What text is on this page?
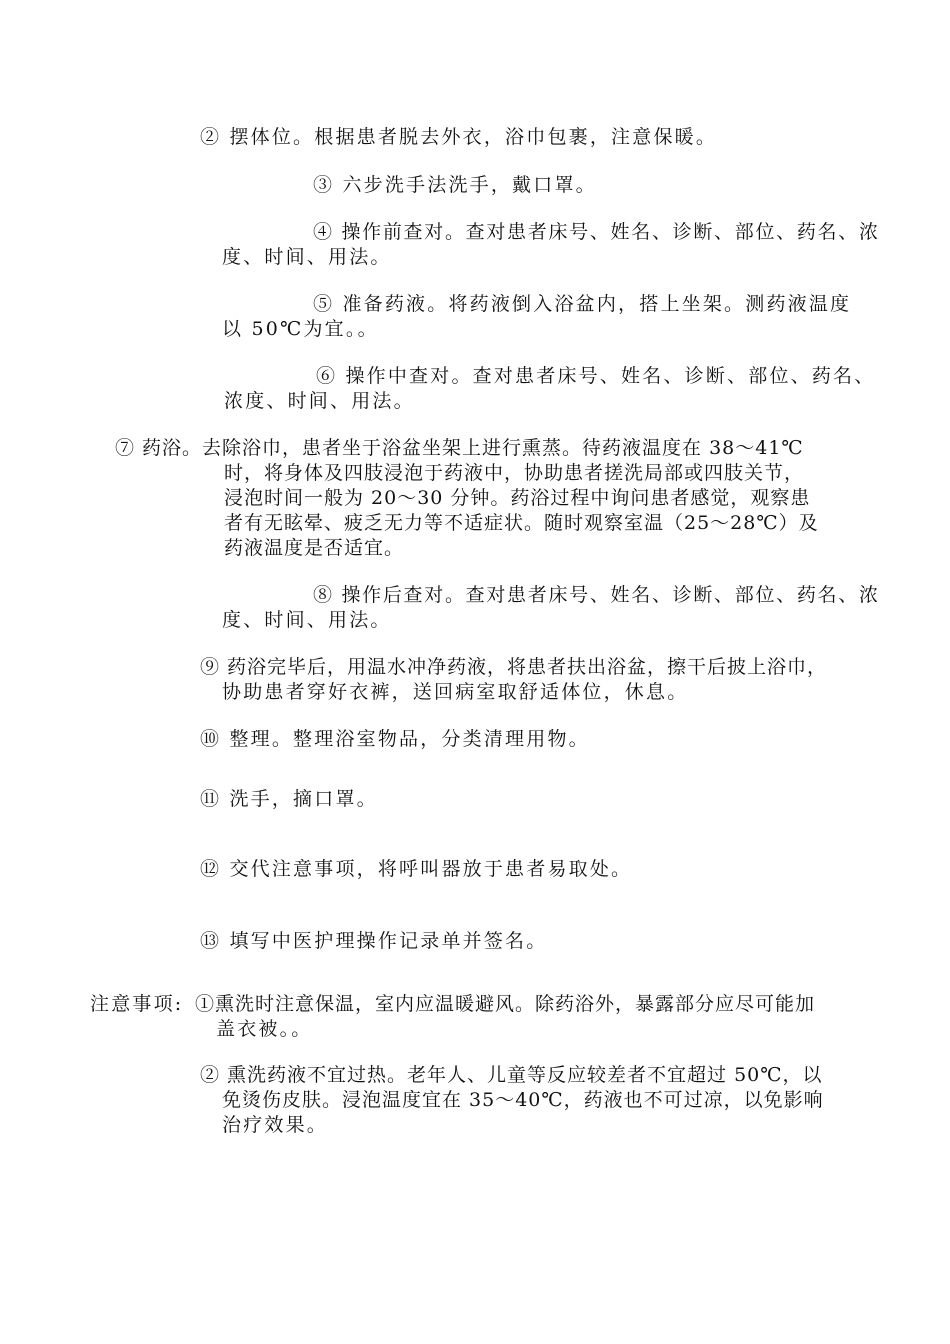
② 摆体位。根据患者脱去外衣，浴巾包裹，注意保暖。
③ 六步洗手法洗手，戴口罩。
④ 操作前查对。查对患者床号、姓名、诊断、部位、药名、浓
度、时间、用法。
⑤ 准备药液。将药液倒入浴盆内，搭上坐架。测药液温度
以 50℃为宜。。
⑥ 操作中查对。查对患者床号、姓名、诊断、部位、药名、
浓度、时间、用法。
⑦ 药浴。去除浴巾，患者坐于浴盆坐架上进行熏蒸。待药液温度在 38～41℃
时，将身体及四肢浸泡于药液中，协助患者搓洗局部或四肢关节，
浸泡时间一般为 20～30 分钟。药浴过程中询问患者感觉，观察患
者有无眩晕、疲乏无力等不适症状。随时观察室温（25～28℃）及
药液温度是否适宜。
⑧ 操作后查对。查对患者床号、姓名、诊断、部位、药名、浓
度、时间、用法。
⑨ 药浴完毕后，用温水冲净药液，将患者扶出浴盆，擦干后披上浴巾，
协助患者穿好衣裤，送回病室取舒适体位，休息。
⑩ 整理。整理浴室物品，分类清理用物。
⑪ 洗手，摘口罩。
⑫ 交代注意事项，将呼叫器放于患者易取处。
⑬ 填写中医护理操作记录单并签名。
注意事项: ①熏洗时注意保温，室内应温暖避风。除药浴外，暴露部分应尽可能加
盖衣被。。
② 熏洗药液不宜过热。老年人、儿童等反应较差者不宜超过 50℃，以
免烫伤皮肤。浸泡温度宜在 35～40℃，药液也不可过凉，以免影响
治疗效果。
